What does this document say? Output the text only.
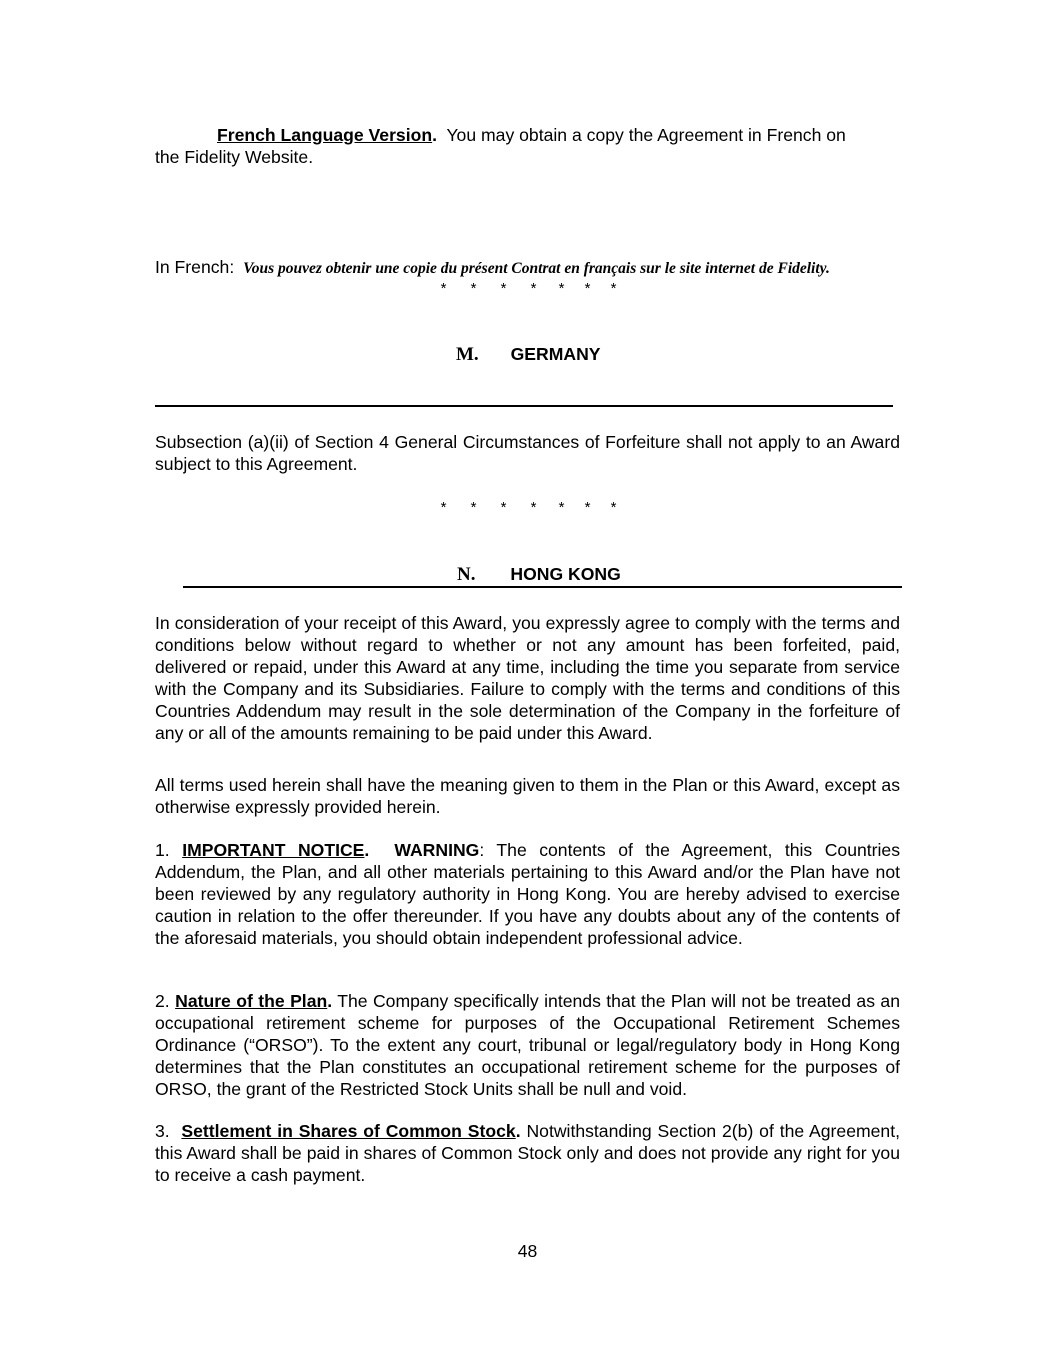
French Language Version.  You may obtain a copy the Agreement in French on
the Fidelity Website.
In French: Vous pouvez obtenir une copie du présent Contrat en français sur le site internet de Fidelity.
* * * * * * *
M. GERMANY
Subsection (a)(ii) of Section 4 General Circumstances of Forfeiture shall not apply to an Award subject to this Agreement.
* * * * * * *
N. HONG KONG
In consideration of your receipt of this Award, you expressly agree to comply with the terms and conditions below without regard to whether or not any amount has been forfeited, paid, delivered or repaid, under this Award at any time, including the time you separate from service with the Company and its Subsidiaries. Failure to comply with the terms and conditions of this Countries Addendum may result in the sole determination of the Company in the forfeiture of any or all of the amounts remaining to be paid under this Award.
All terms used herein shall have the meaning given to them in the Plan or this Award, except as otherwise expressly provided herein.
1. IMPORTANT NOTICE. WARNING: The contents of the Agreement, this Countries Addendum, the Plan, and all other materials pertaining to this Award and/or the Plan have not been reviewed by any regulatory authority in Hong Kong. You are hereby advised to exercise caution in relation to the offer thereunder. If you have any doubts about any of the contents of the aforesaid materials, you should obtain independent professional advice.
2. Nature of the Plan. The Company specifically intends that the Plan will not be treated as an occupational retirement scheme for purposes of the Occupational Retirement Schemes Ordinance (“ORSO”). To the extent any court, tribunal or legal/regulatory body in Hong Kong determines that the Plan constitutes an occupational retirement scheme for the purposes of ORSO, the grant of the Restricted Stock Units shall be null and void.
3. Settlement in Shares of Common Stock. Notwithstanding Section 2(b) of the Agreement, this Award shall be paid in shares of Common Stock only and does not provide any right for you to receive a cash payment.
48
